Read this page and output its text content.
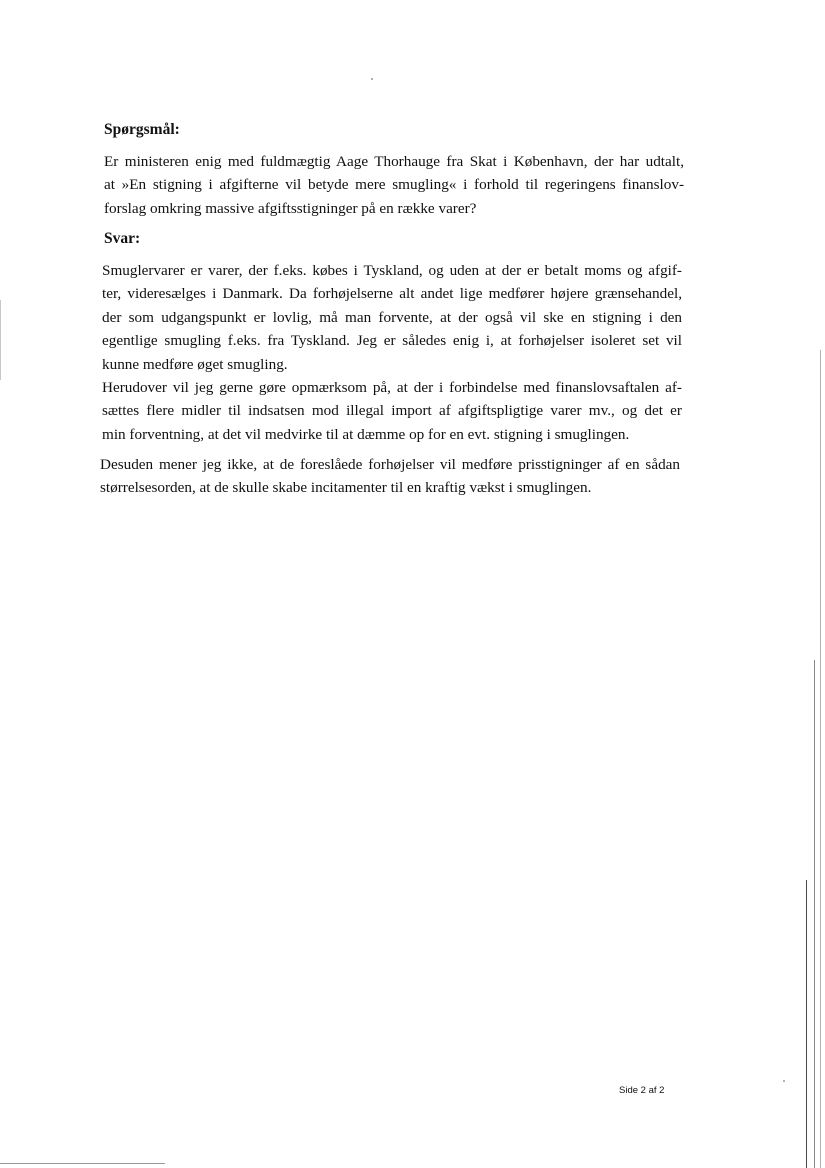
Spørgsmål:

Er ministeren enig med fuldmægtig Aage Thorhauge fra Skat i København, der har udtalt,
at »En stigning i afgifterne vil betyde mere smugling« i forhold til regeringens finanslov-
forslag omkring massive afgiftsstigninger på en række varer?

Svar:

Smuglervarer er varer, der f.eks. købes i Tyskland, og uden at der er betalt moms og afgif-
ter, videresælges i Danmark. Da forhøjelserne alt andet lige medfører højere grænsehandel,
der som udgangspunkt er lovlig, må man forvente, at der også vil ske en stigning i den
egentlige smugling f.eks. fra Tyskland. Jeg er således enig i, at forhøjelser isoleret set vil
kunne medføre øget smugling.

Herudover vil jeg gerne gøre opmærksom på, at der i forbindelse med finanslovsaftalen af-
sættes flere midler til indsatsen mod illegal import af afgiftspligtige varer mv., og det er
min forventning, at det vil medvirke til at dæmme op for en evt. stigning i smuglingen.

Desuden mener jeg ikke, at de foreslåede forhøjelser vil medføre prisstigninger af en sådan
størrelsesorden, at de skulle skabe incitamenter til en kraftig vækst i smuglingen.

Side 2 af 2
